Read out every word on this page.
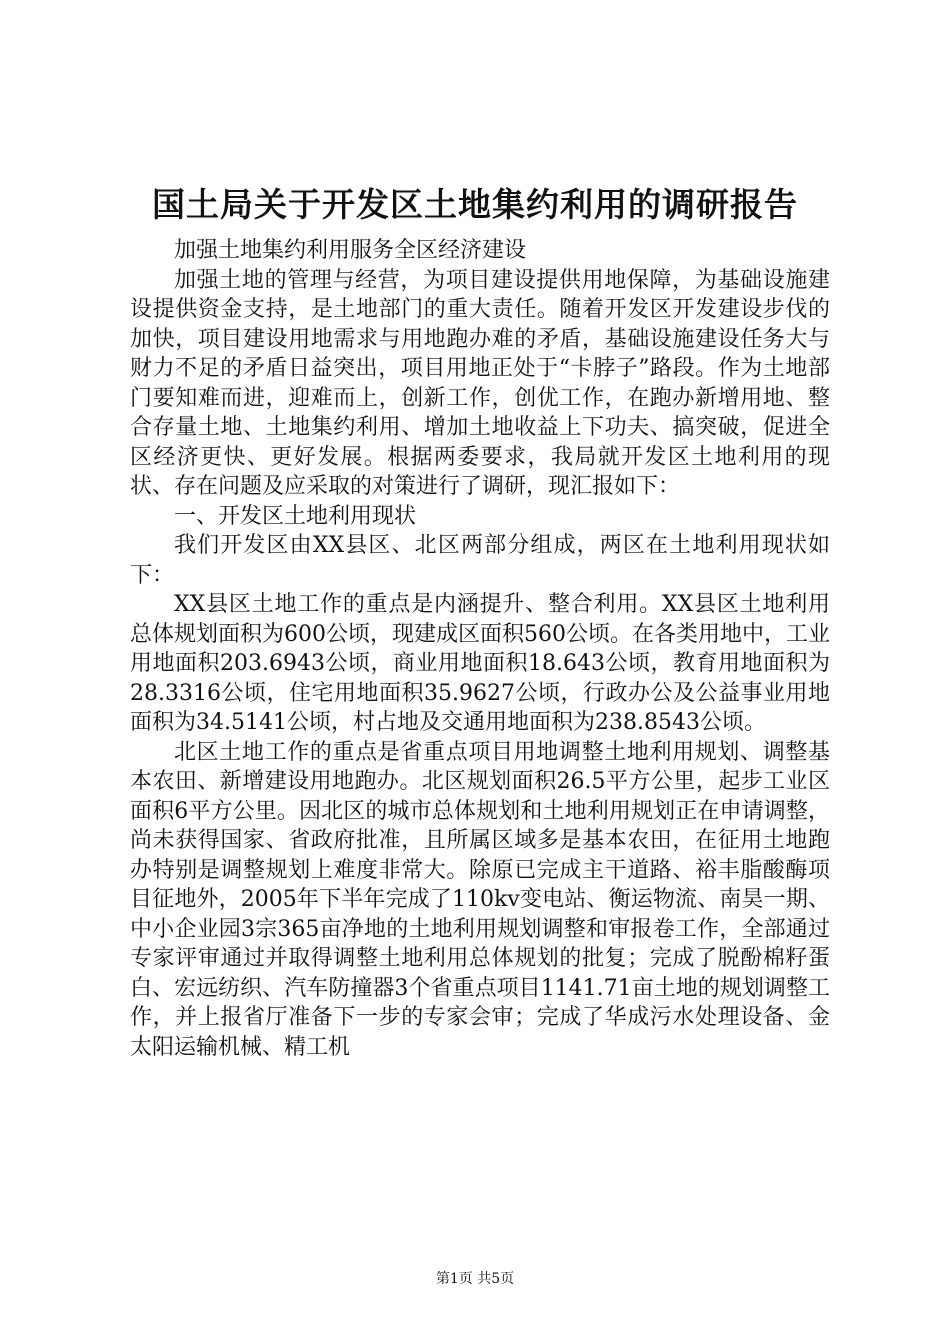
国土局关于开发区土地集约利用的调研报告

加强土地集约利用服务全区经济建设

加强土地的管理与经营，为项目建设提供用地保障，为基础设施建设提供资金支持，是土地部门的重大责任。随着开发区开发建设步伐的加快，项目建设用地需求与用地跑办难的矛盾，基础设施建设任务大与财力不足的矛盾日益突出，项目用地正处于“卡脖子”路段。作为土地部门要知难而进，迎难而上，创新工作，创优工作，在跑办新增用地、整合存量土地、土地集约利用、增加土地收益上下功夫、搞突破，促进全区经济更快、更好发展。根据两委要求，我局就开发区土地利用的现状、存在问题及应采取的对策进行了调研，现汇报如下：

一、开发区土地利用现状

我们开发区由XX县区、北区两部分组成，两区在土地利用现状如下：

XX县区土地工作的重点是内涵提升、整合利用。XX县区土地利用总体规划面积为600公顷，现建成区面积560公顷。在各类用地中，工业用地面积203.6943公顷，商业用地面积18.643公顷，教育用地面积为28.3316公顷，住宅用地面积35.9627公顷，行政办公及公益事业用地面积为34.5141公顷，村占地及交通用地面积为238.8543公顷。

北区土地工作的重点是省重点项目用地调整土地利用规划、调整基本农田、新增建设用地跑办。北区规划面积26.5平方公里，起步工业区面积6平方公里。因北区的城市总体规划和土地利用规划正在申请调整，尚未获得国家、省政府批准，且所属区域多是基本农田，在征用土地跑办特别是调整规划上难度非常大。除原已完成主干道路、裕丰脂酸酶项目征地外，2005年下半年完成了110kv变电站、衡运物流、南昊一期、中小企业园3宗365亩净地的土地利用规划调整和审报卷工作，全部通过专家评审通过并取得调整土地利用总体规划的批复；完成了脱酚棉籽蛋白、宏远纺织、汽车防撞器3个省重点项目1141.71亩土地的规划调整工作，并上报省厅准备下一步的专家会审；完成了华成污水处理设备、金太阳运输机械、精工机

第1页 共5页
